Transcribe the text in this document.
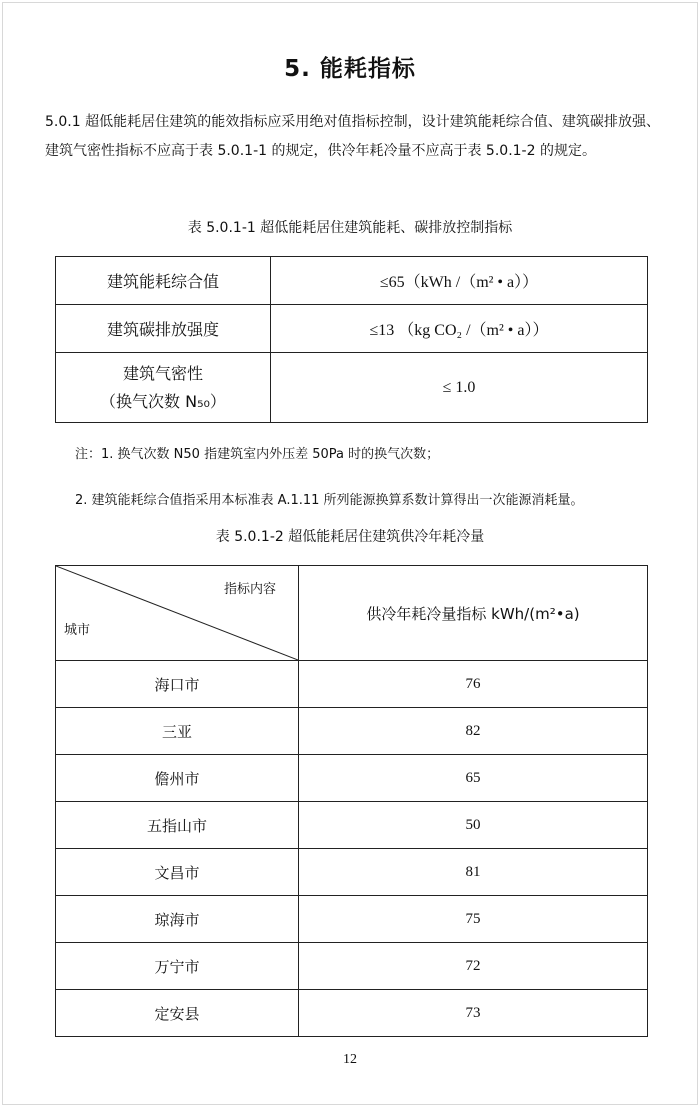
5. 能耗指标
5.0.1 超低能耗居住建筑的能效指标应采用绝对值指标控制，设计建筑能耗综合值、建筑碳排放强、建筑气密性指标不应高于表 5.0.1-1 的规定，供冷年耗冷量不应高于表 5.0.1-2 的规定。
表 5.0.1-1 超低能耗居住建筑能耗、碳排放控制指标
建筑能耗综合值	≤65（kWh /（m² • a））
建筑碳排放强度	≤13 （kg CO₂ /（m² • a））

建筑气密性
（换气次数 N₅₀）	≤ 1.0
注：1. 换气次数 N50 指建筑室内外压差 50Pa 时的换气次数；
2. 建筑能耗综合值指采用本标准表 A.1.11 所列能源换算系数计算得出一次能源消耗量。
表 5.0.1-2 超低能耗居住建筑供冷年耗冷量
指标内容
城市	供冷年耗冷量指标 kWh/(m²•a)
海口市	76
三亚	82
儋州市	65
五指山市	50
文昌市	81
琼海市	75
万宁市	72
定安县	73
12
